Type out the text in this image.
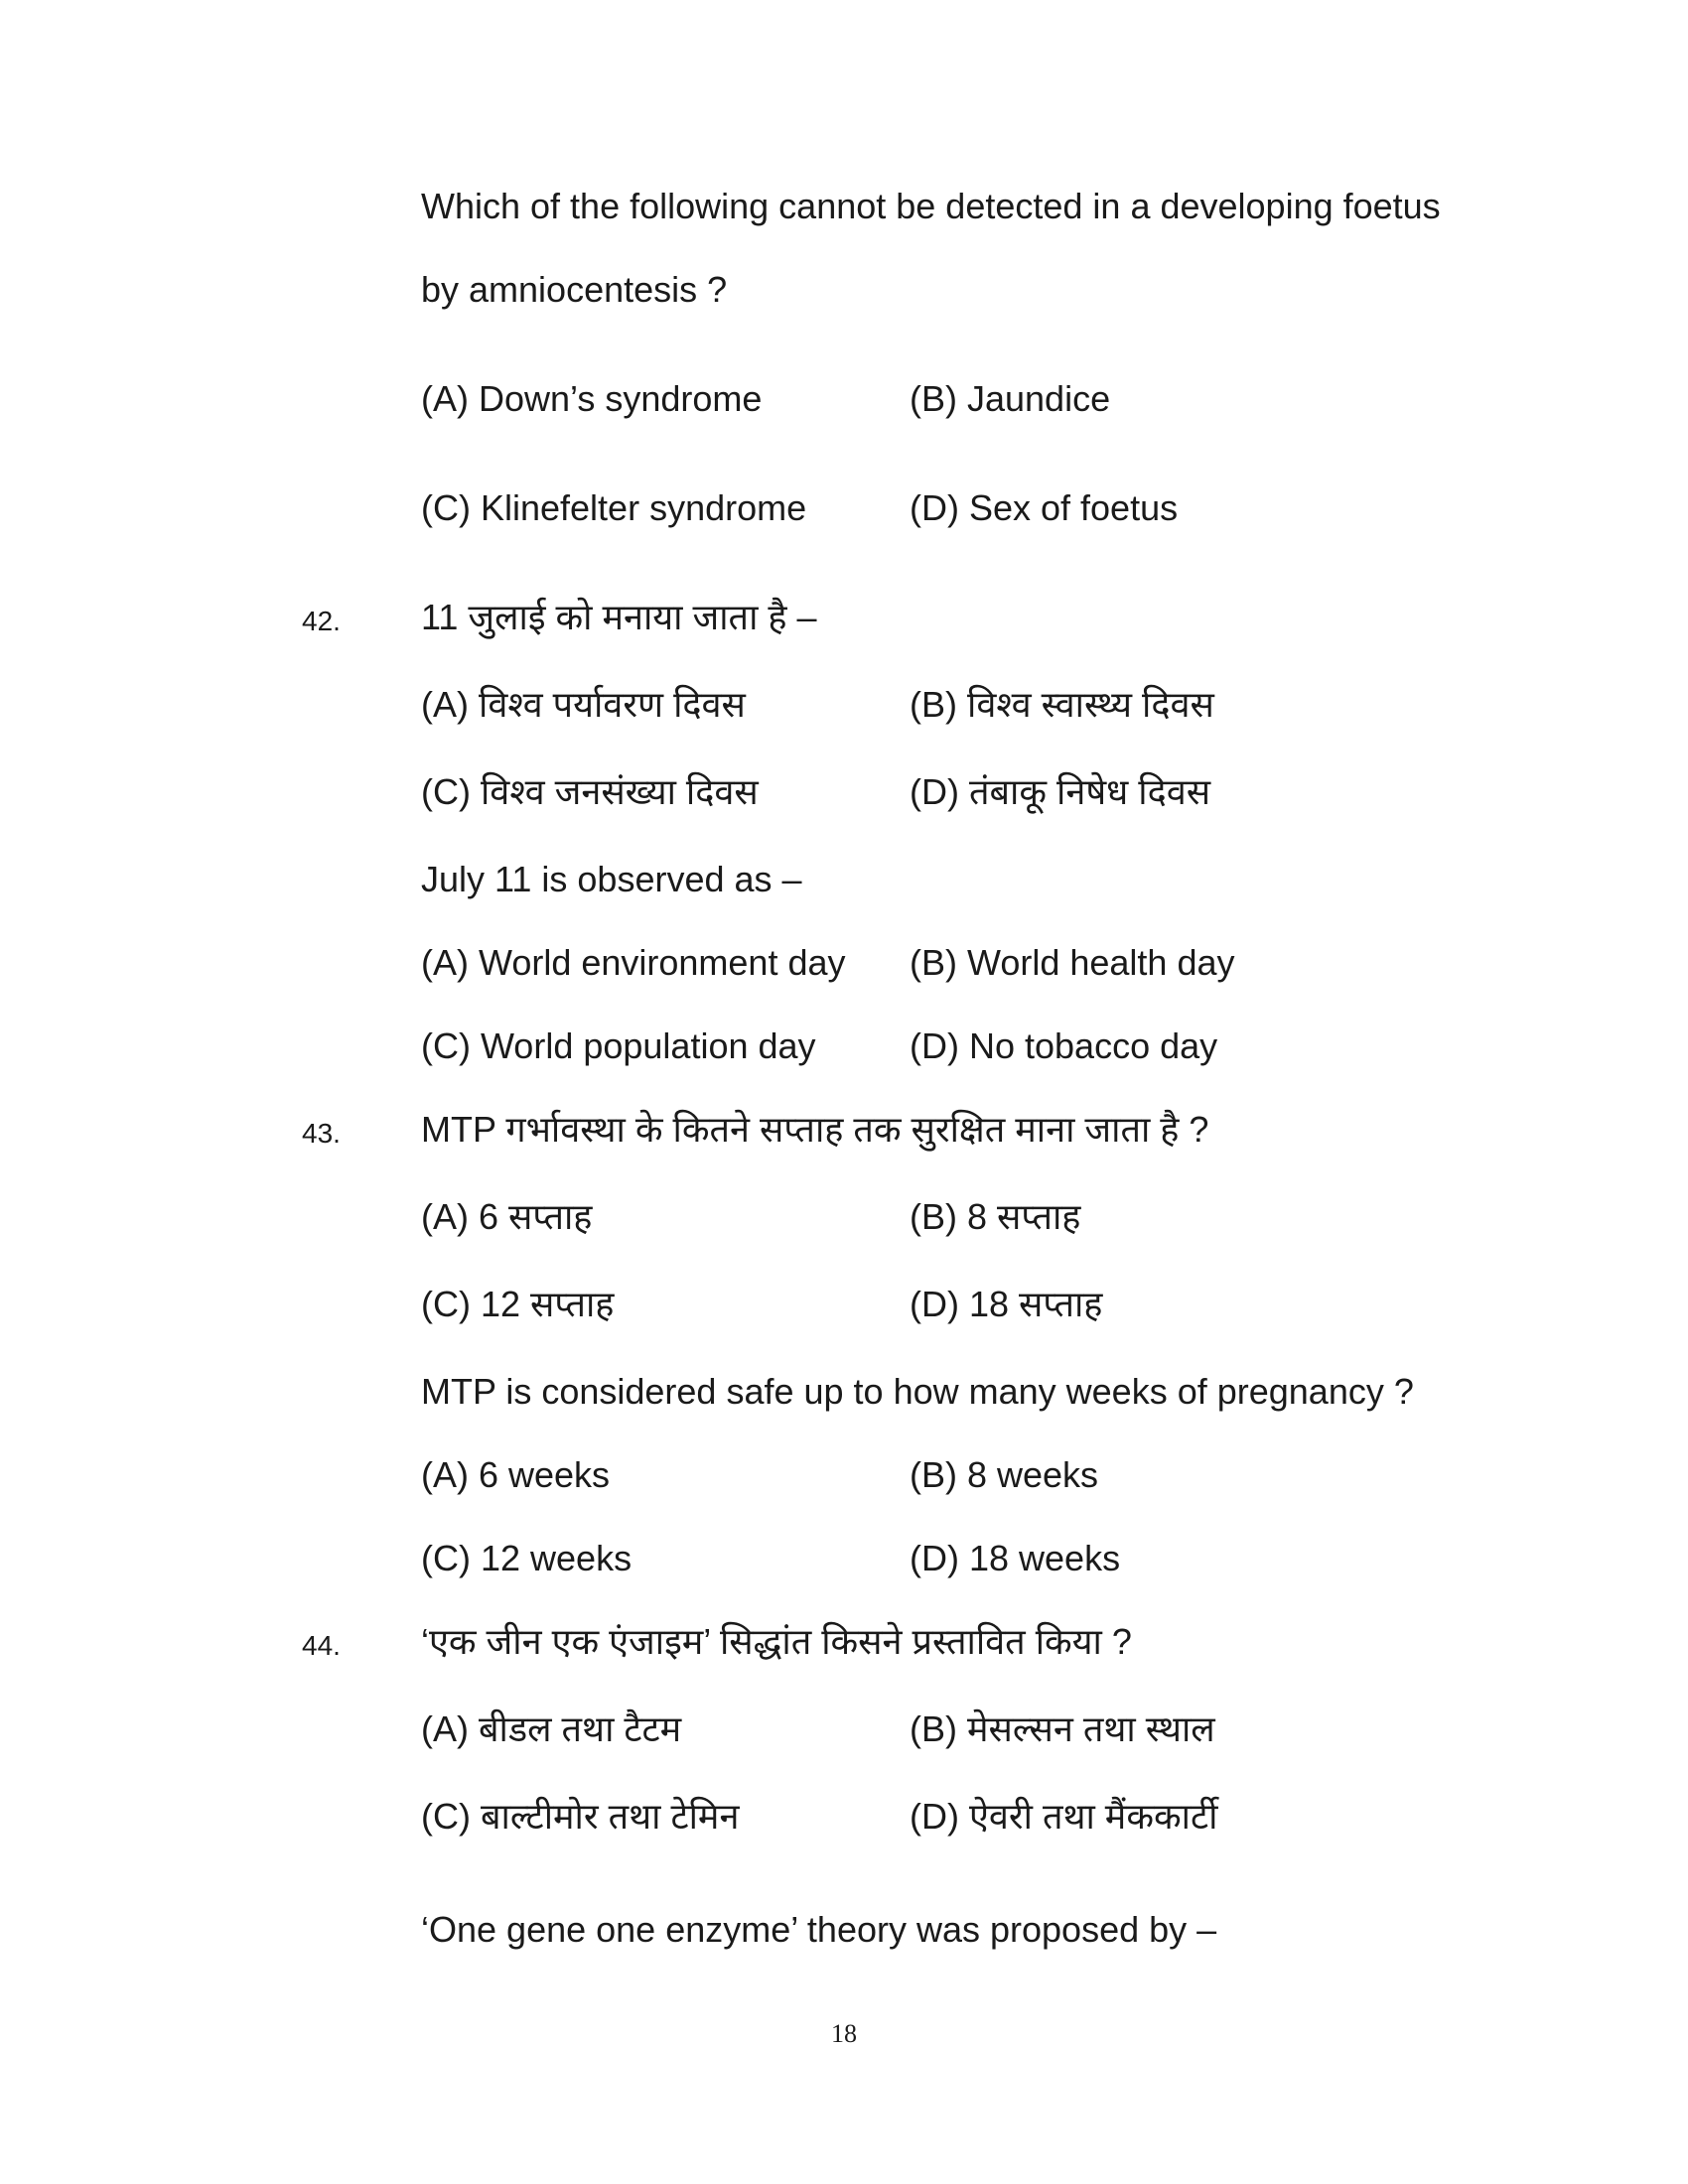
Which of the following cannot be detected in a developing foetus
by amniocentesis ?
(A) Down’s syndrome	(B) Jaundice
(C) Klinefelter syndrome	(D) Sex of foetus
42. 11 जुलाई को मनाया जाता है –
(A) विश्व पर्यावरण दिवस	(B) विश्व स्वास्थ्य दिवस
(C) विश्व जनसंख्या दिवस	(D) तंबाकू निषेध दिवस
July 11 is observed as –
(A) World environment day (B) World health day
(C) World population day	(D) No tobacco day
43. MTP गर्भावस्था के कितने सप्ताह तक सुरक्षित माना जाता है ?
(A) 6 सप्ताह	(B) 8 सप्ताह
(C) 12 सप्ताह	(D) 18 सप्ताह
MTP is considered safe up to how many weeks of pregnancy ?
(A) 6 weeks	(B) 8 weeks
(C) 12 weeks	(D) 18 weeks
44. ‘एक जीन एक एंजाइम’ सिद्धांत किसने प्रस्तावित किया ?
(A) बीडल तथा टैटम	(B) मेसल्सन तथा स्थाल
(C) बाल्टीमोर तथा टेमिन	(D) ऐवरी तथा मैंककार्टी
‘One gene one enzyme’ theory was proposed by –
18
